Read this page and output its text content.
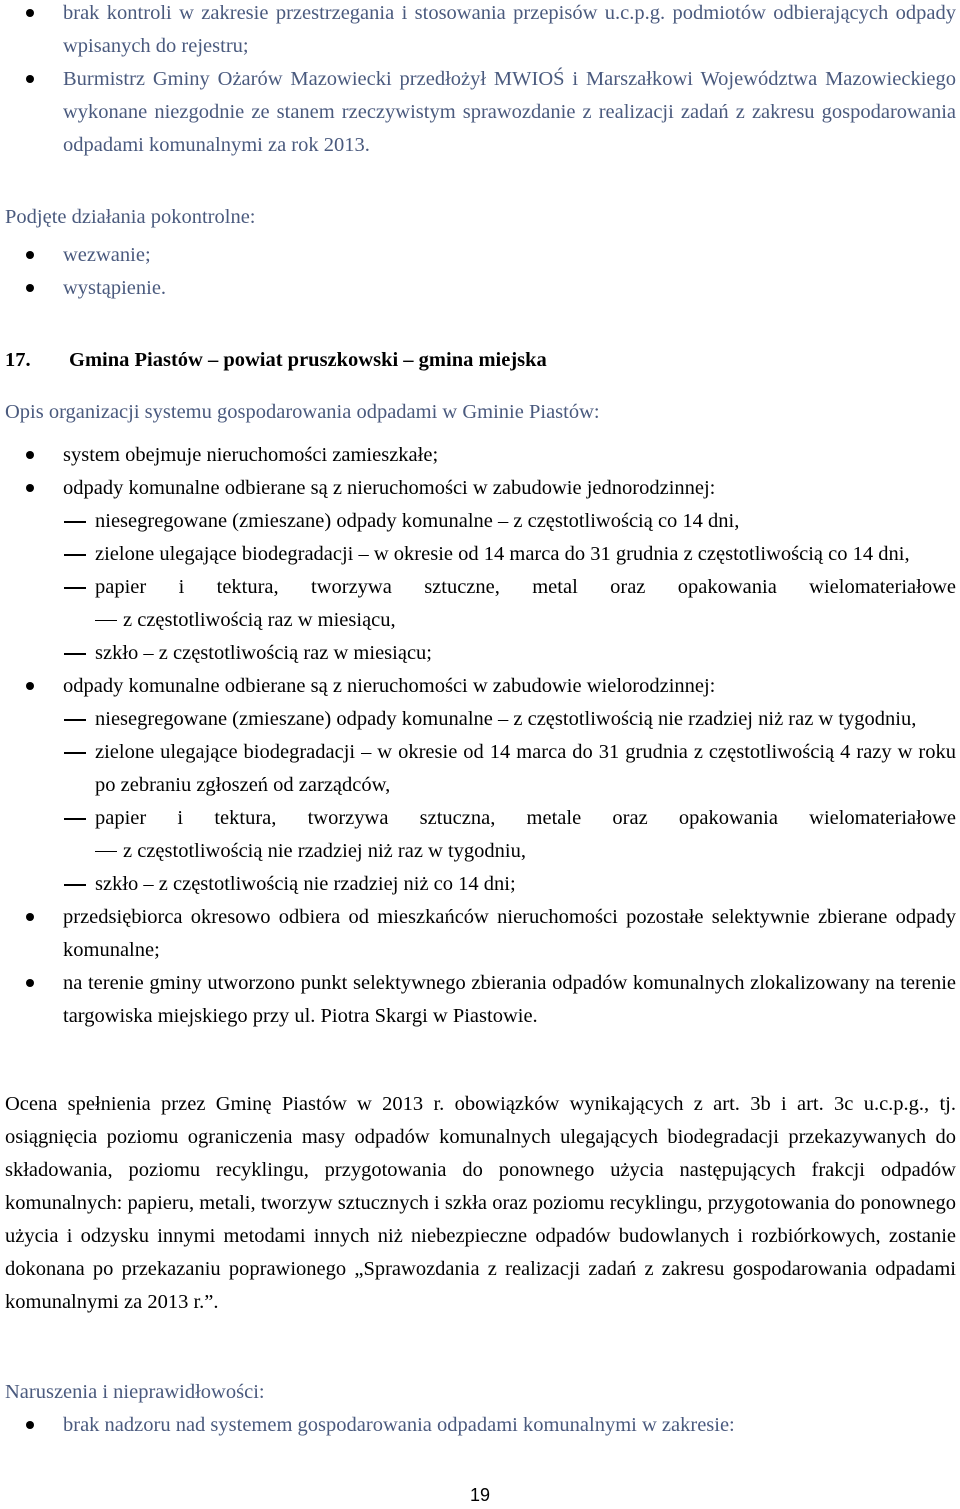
brak kontroli w zakresie przestrzegania i stosowania przepisów u.c.p.g. podmiotów odbierających odpady wpisanych do rejestru;

Burmistrz Gminy Ożarów Mazowiecki przedłożył MWIOŚ i Marszałkowi Województwa Mazowieckiego wykonane niezgodnie ze stanem rzeczywistym sprawozdanie z realizacji zadań z zakresu gospodarowania odpadami komunalnymi za rok 2013.

Podjęte działania pokontrolne:

wezwanie;

wystąpienie.

17. Gmina Piastów – powiat pruszkowski – gmina miejska

Opis organizacji systemu gospodarowania odpadami w Gminie Piastów:

system obejmuje nieruchomości zamieszkałe;

odpady komunalne odbierane są z nieruchomości w zabudowie jednorodzinnej:

niesegregowane (zmieszane) odpady komunalne – z częstotliwością co 14 dni,

zielone ulegające biodegradacji – w okresie od 14 marca do 31 grudnia z częstotliwością co 14 dni,

papier i tektura, tworzywa sztuczne, metal oraz opakowania wielomateriałowe

z częstotliwością raz w miesiącu,

szkło – z częstotliwością raz w miesiącu;

odpady komunalne odbierane są z nieruchomości w zabudowie wielorodzinnej:

niesegregowane (zmieszane) odpady komunalne – z częstotliwością nie rzadziej niż raz w tygodniu,

zielone ulegające biodegradacji – w okresie od 14 marca do 31 grudnia z częstotliwością 4 razy w roku po zebraniu zgłoszeń od zarządców,

papier i tektura, tworzywa sztuczna, metale oraz opakowania wielomateriałowe

z częstotliwością nie rzadziej niż raz w tygodniu,

szkło – z częstotliwością nie rzadziej niż co 14 dni;

przedsiębiorca okresowo odbiera od mieszkańców nieruchomości pozostałe selektywnie zbierane odpady komunalne;

na terenie gminy utworzono punkt selektywnego zbierania odpadów komunalnych zlokalizowany na terenie targowiska miejskiego przy ul. Piotra Skargi w Piastowie.

Ocena spełnienia przez Gminę Piastów w 2013 r. obowiązków wynikających z art. 3b i art. 3c u.c.p.g., tj. osiągnięcia poziomu ograniczenia masy odpadów komunalnych ulegających biodegradacji przekazywanych do składowania, poziomu recyklingu, przygotowania do ponownego użycia następujących frakcji odpadów komunalnych: papieru, metali, tworzyw sztucznych i szkła oraz poziomu recyklingu, przygotowania do ponownego użycia i odzysku innymi metodami innych niż niebezpieczne odpadów budowlanych i rozbiórkowych, zostanie dokonana po przekazaniu poprawionego „Sprawozdania z realizacji zadań z zakresu gospodarowania odpadami komunalnymi za 2013 r.”.

Naruszenia i nieprawidłowości:

brak nadzoru nad systemem gospodarowania odpadami komunalnymi w zakresie:

19
